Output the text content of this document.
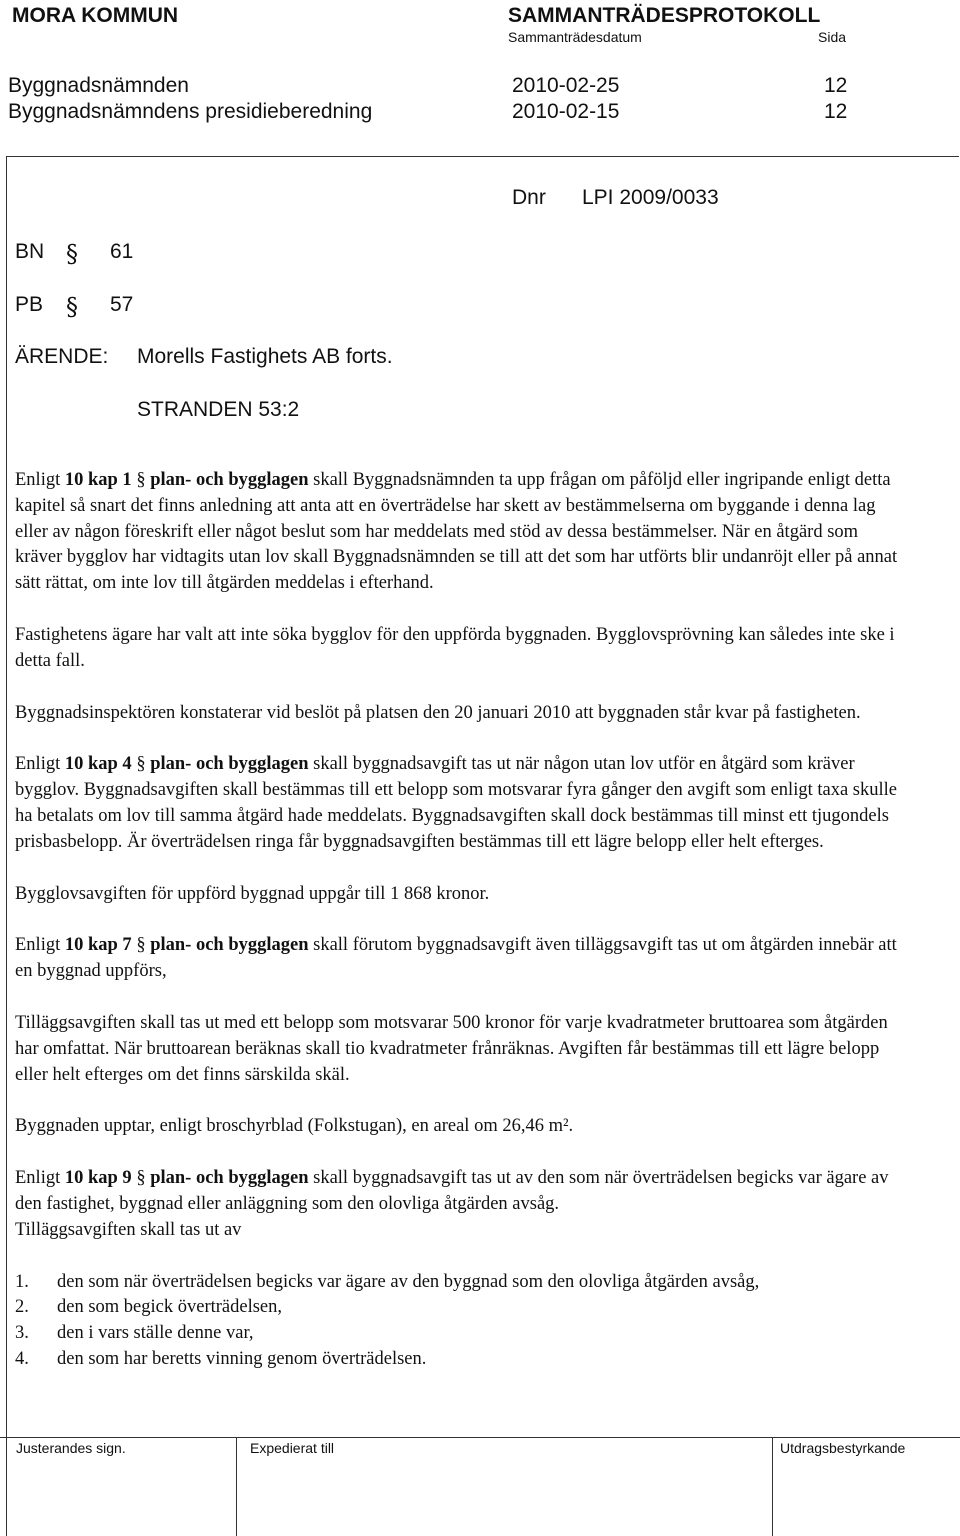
MORA KOMMUN	SAMMANTRÄDESPROTOKOLL
Sammanträdesdatum	Sida
Byggnadsnämnden	2010-02-25	12
Byggnadsnämndens presidieberedning	2010-02-15	12
Dnr LPI 2009/0033
BN § 61
PB § 57
ÄRENDE: Morells Fastighets AB forts.
STRANDEN 53:2

Enligt 10 kap 1 § plan- och bygglagen skall Byggnadsnämnden ta upp frågan om påföljd eller ingripande enligt detta kapitel så snart det finns anledning att anta att en överträdelse har skett av bestämmelserna om byggande i denna lag eller av någon föreskrift eller något beslut som har meddelats med stöd av dessa bestämmelser. När en åtgärd som kräver bygglov har vidtagits utan lov skall Byggnadsnämnden se till att det som har utförts blir undanröjt eller på annat sätt rättat, om inte lov till åtgärden meddelas i efterhand.

Fastighetens ägare har valt att inte söka bygglov för den uppförda byggnaden. Bygglovsprövning kan således inte ske i detta fall.

Byggnadsinspektören konstaterar vid beslöt på platsen den 20 januari 2010 att byggnaden står kvar på fastigheten.

Enligt 10 kap 4 § plan- och bygglagen skall byggnadsavgift tas ut när någon utan lov utför en åtgärd som kräver bygglov. Byggnadsavgiften skall bestämmas till ett belopp som motsvarar fyra gånger den avgift som enligt taxa skulle ha betalats om lov till samma åtgärd hade meddelats. Byggnadsavgiften skall dock bestämmas till minst ett tjugondels prisbasbelopp. Är överträdelsen ringa får byggnadsavgiften bestämmas till ett lägre belopp eller helt efterges.

Bygglovsavgiften för uppförd byggnad uppgår till 1 868 kronor.

Enligt 10 kap 7 § plan- och bygglagen skall förutom byggnadsavgift även tilläggsavgift tas ut om åtgärden innebär att en byggnad uppförs,

Tilläggsavgiften skall tas ut med ett belopp som motsvarar 500 kronor för varje kvadratmeter bruttoarea som åtgärden har omfattat. När bruttoarean beräknas skall tio kvadratmeter frånräknas. Avgiften får bestämmas till ett lägre belopp eller helt efterges om det finns särskilda skäl.

Byggnaden upptar, enligt broschyrblad (Folkstugan), en areal om 26,46 m².

Enligt 10 kap 9 § plan- och bygglagen skall byggnadsavgift tas ut av den som när överträdelsen begicks var ägare av den fastighet, byggnad eller anläggning som den olovliga åtgärden avsåg.
Tilläggsavgiften skall tas ut av

1. den som när överträdelsen begicks var ägare av den byggnad som den olovliga åtgärden avsåg,
2. den som begick överträdelsen,
3. den i vars ställe denne var,
4. den som har beretts vinning genom överträdelsen.

Justerandes sign.	Expedierat till	Utdragsbestyrkande
